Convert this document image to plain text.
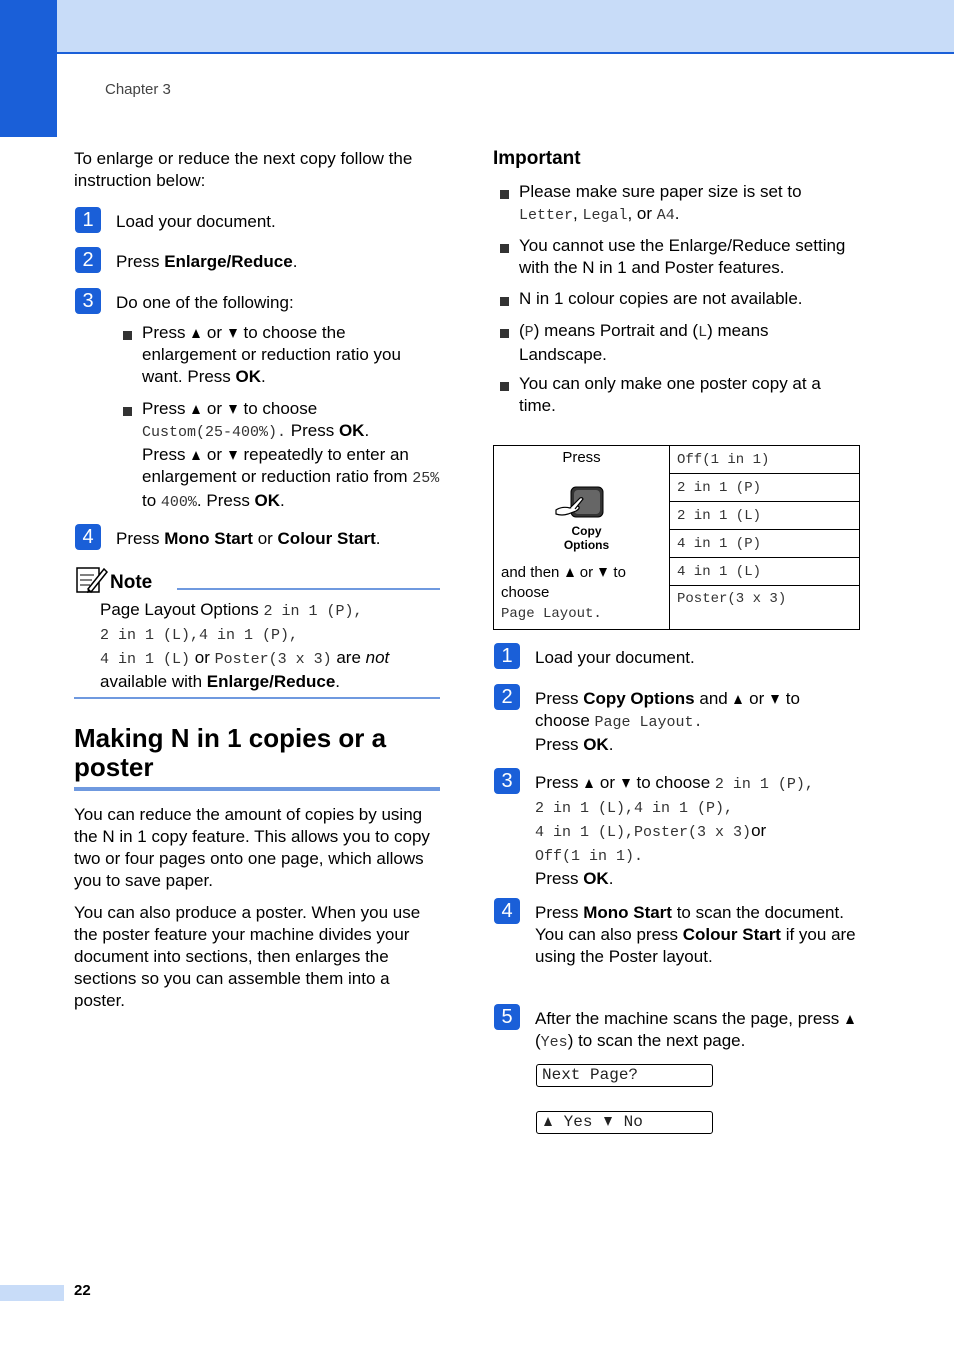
Chapter 3
To enlarge or reduce the next copy follow the instruction below:
1	Load your document.
2	Press Enlarge/Reduce.
3	Do one of the following:
Press  or  to choose the enlargement or reduction ratio you want. Press OK.
Press  or  to choose
Custom(25-400%). Press OK.
Press  or  repeatedly to enter an enlargement or reduction ratio from 25% to 400%. Press OK.
4	Press Mono Start or Colour Start.
Note
Page Layout Options 2 in 1 (P),
2 in 1 (L),4 in 1 (P),
4 in 1 (L) or Poster(3 x 3) are not
available with Enlarge/Reduce.
Making N in 1 copies or a poster
You can reduce the amount of copies by using the N in 1 copy feature. This allows you to copy two or four pages onto one page, which allows you to save paper.
You can also produce a poster. When you use the poster feature your machine divides your document into sections, then enlarges the sections so you can assemble them into a poster.
Important
Please make sure paper size is set to
Letter, Legal, or A4.
You cannot use the Enlarge/Reduce setting with the N in 1 and Poster features.
N in 1 colour copies are not available.
(P) means Portrait and (L) means Landscape.
You can only make one poster copy at a time.
Press
Copy
Options
and then  or  to choose
Page Layout.
	Off(1 in 1)
2 in 1 (P)
2 in 1 (L)
4 in 1 (P)
4 in 1 (L)
Poster(3 x 3)
1	Load your document.
2	Press Copy Options and  or  to
choose Page Layout.
Press OK.
3	Press  or  to choose 2 in 1 (P),
2 in 1 (L),4 in 1 (P),
4 in 1 (L),Poster(3 x 3)or
Off(1 in 1).
Press OK.
4	Press Mono Start to scan the document.
You can also press Colour Start if you are using the Poster layout.
5	After the machine scans the page, press  (Yes) to scan the next page.
Next Page?
Yes No
22
